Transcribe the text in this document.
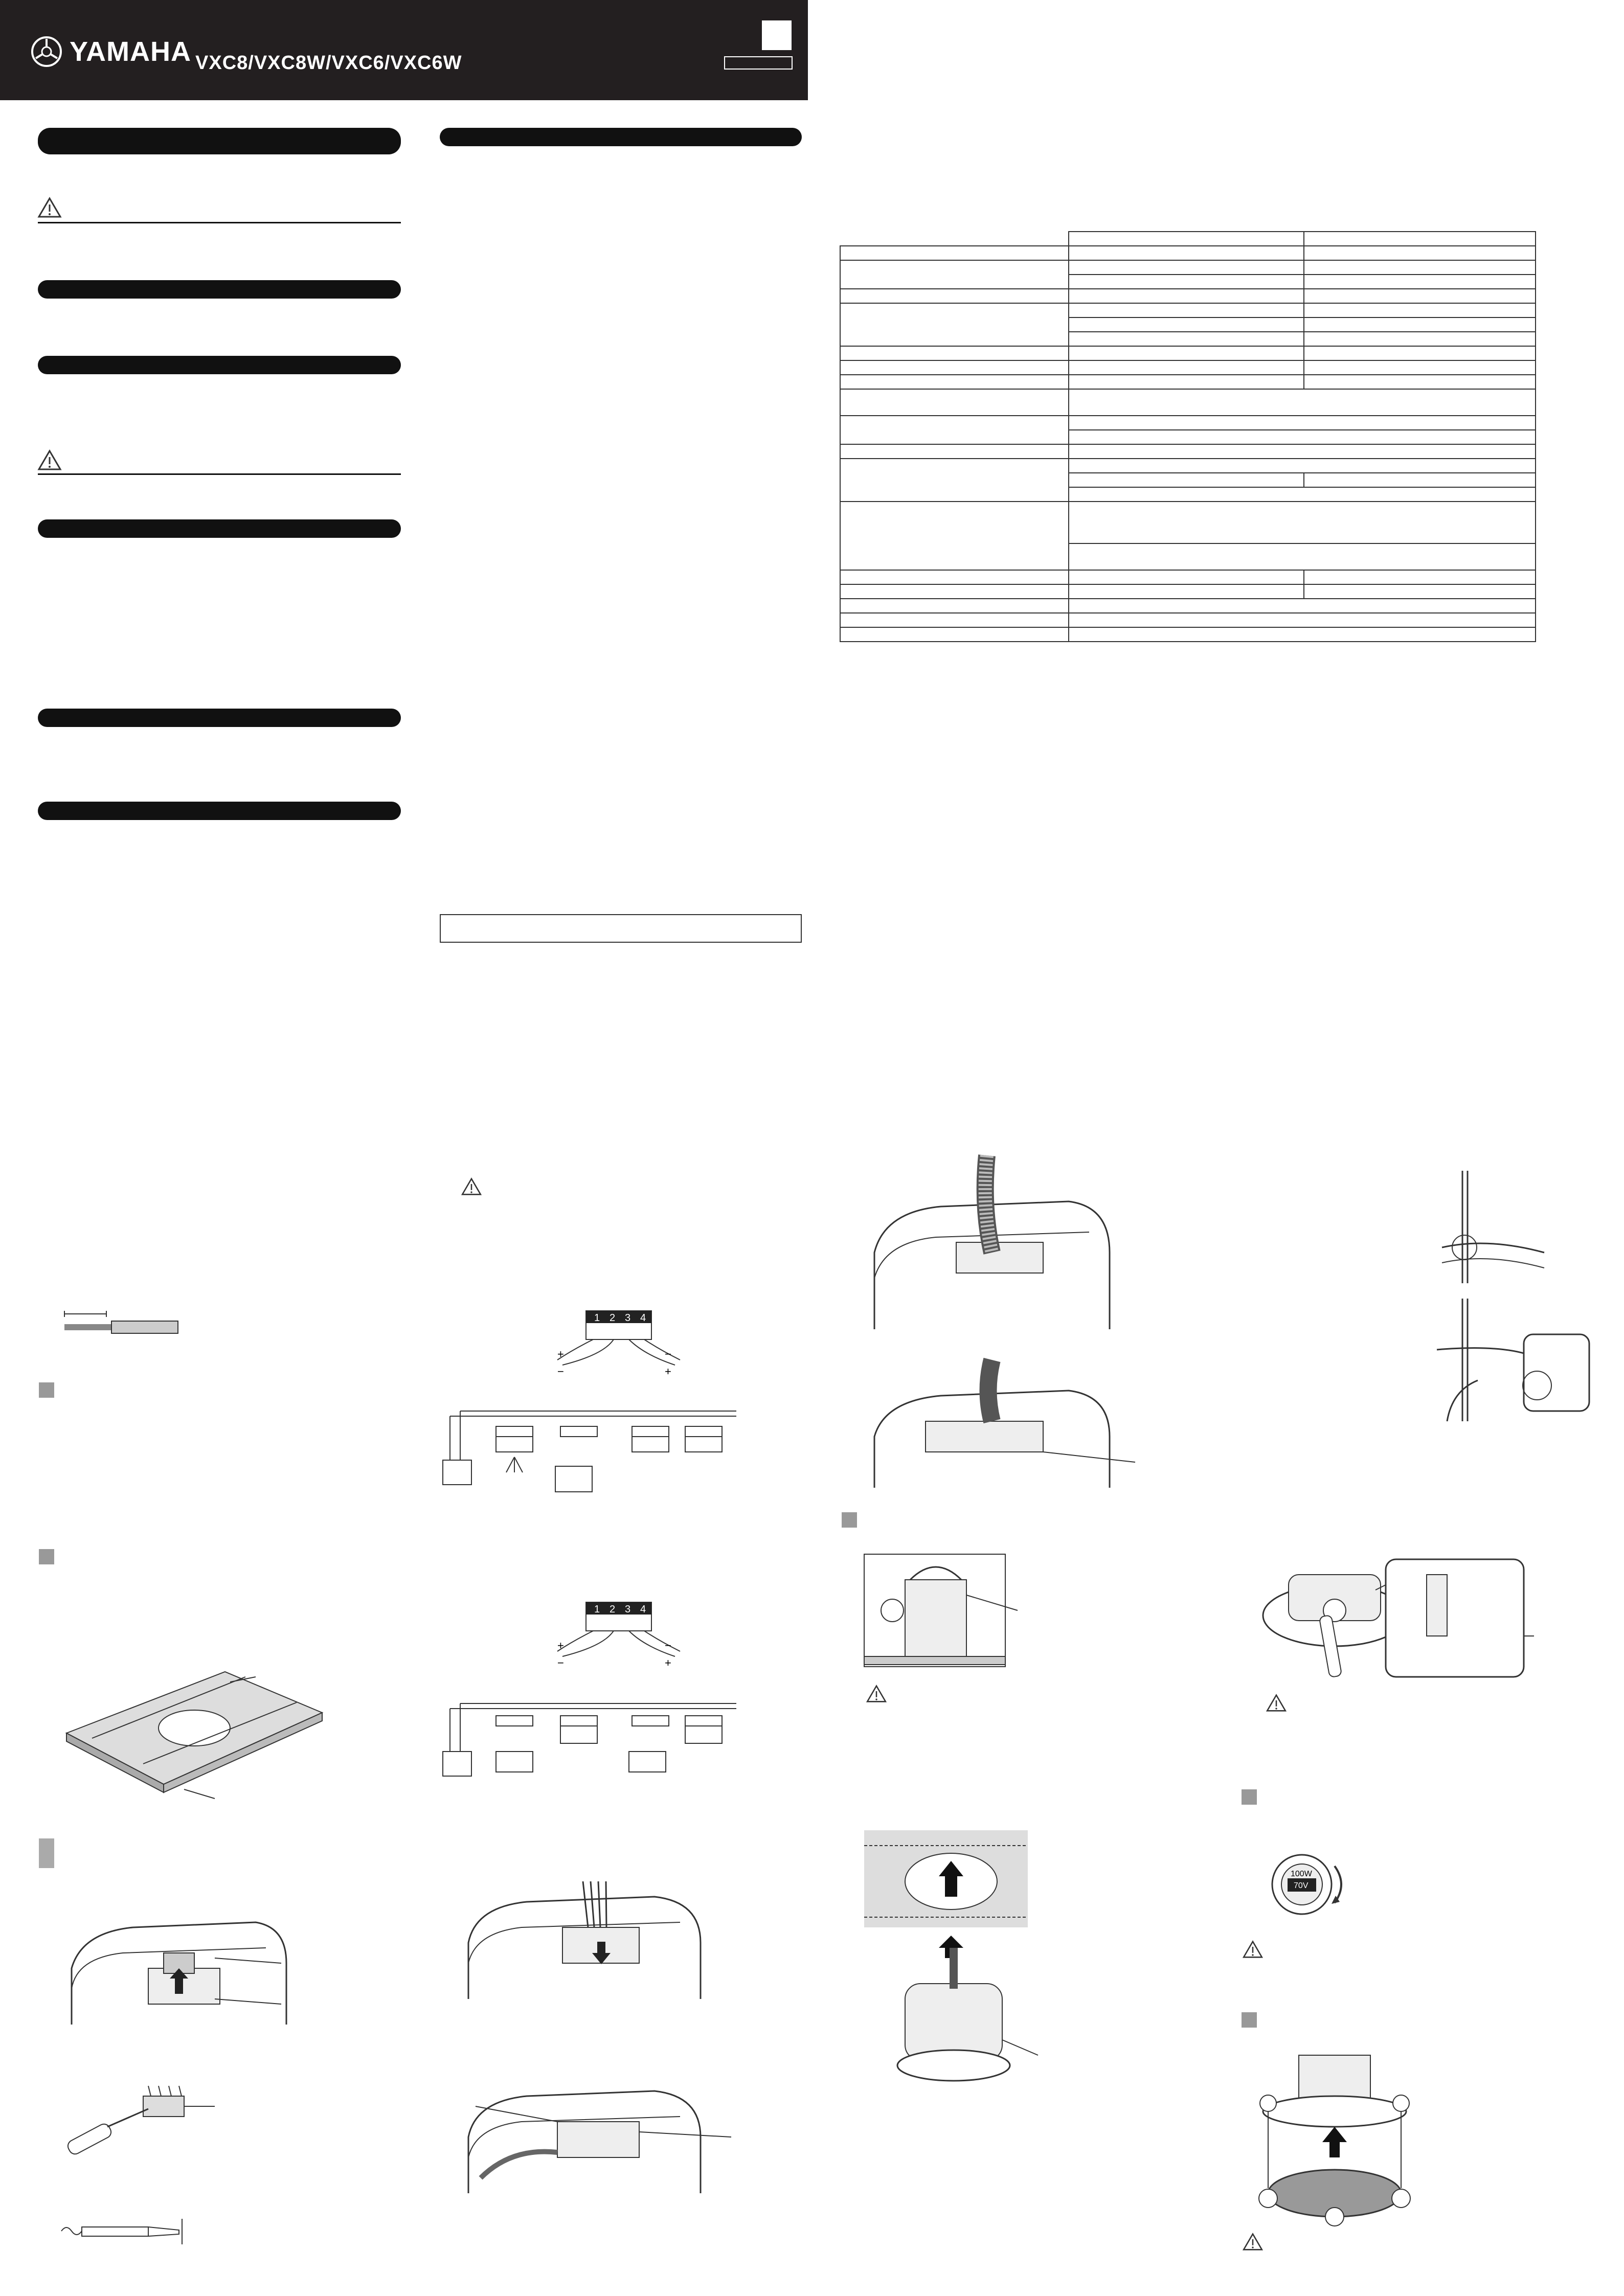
YAMAHA VXC8/VXC8W/VXC6/VXC6W

1 2 3 4
+
−
−
+
1 2 3 4
+
−
−
+
100W
70V
